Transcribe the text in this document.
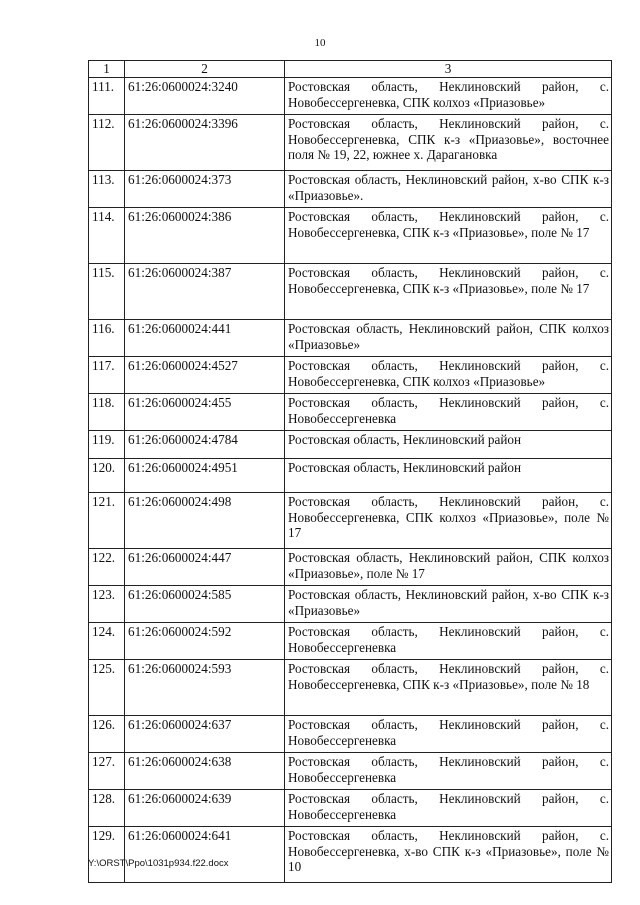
10
1	2	3
111.	61:26:0600024:3240	Ростовская область, Неклиновский район, с. Новобессергеневка, СПК колхоз «Приазовье»
112.	61:26:0600024:3396	Ростовская область, Неклиновский район, с. Новобессергеневка, СПК к-з «Приазовье», восточнее поля № 19, 22, южнее х. Дарагановка
113.	61:26:0600024:373	Ростовская область, Неклиновский район, х-во СПК к-з «Приазовье».
114.	61:26:0600024:386	Ростовская область, Неклиновский район, с. Новобессергеневка, СПК к-з «Приазовье», поле № 17
115.	61:26:0600024:387	Ростовская область, Неклиновский район, с. Новобессергеневка, СПК к-з «Приазовье», поле № 17
116.	61:26:0600024:441	Ростовская область, Неклиновский район, СПК колхоз «Приазовье»
117.	61:26:0600024:4527	Ростовская область, Неклиновский район, с. Новобессергеневка, СПК колхоз «Приазовье»
118.	61:26:0600024:455	Ростовская область, Неклиновский район, с. Новобессергеневка
119.	61:26:0600024:4784	Ростовская область, Неклиновский район
120.	61:26:0600024:4951	Ростовская область, Неклиновский район
121.	61:26:0600024:498	Ростовская область, Неклиновский район, с. Новобессергеневка, СПК колхоз «Приазовье», поле № 17
122.	61:26:0600024:447	Ростовская область, Неклиновский район, СПК колхоз «Приазовье», поле № 17
123.	61:26:0600024:585	Ростовская область, Неклиновский район, х-во СПК к-з «Приазовье»
124.	61:26:0600024:592	Ростовская область, Неклиновский район, с. Новобессергеневка
125.	61:26:0600024:593	Ростовская область, Неклиновский район, с. Новобессергеневка, СПК к-з «Приазовье», поле № 18
126.	61:26:0600024:637	Ростовская область, Неклиновский район, с. Новобессергеневка
127.	61:26:0600024:638	Ростовская область, Неклиновский район, с. Новобессергеневка
128.	61:26:0600024:639	Ростовская область, Неклиновский район, с. Новобессергеневка
129.	61:26:0600024:641	Ростовская область, Неклиновский район, с. Новобессергеневка, х-во СПК к-з «Приазовье», поле № 10
Y:\ORST\Ppo\1031p934.f22.docx
